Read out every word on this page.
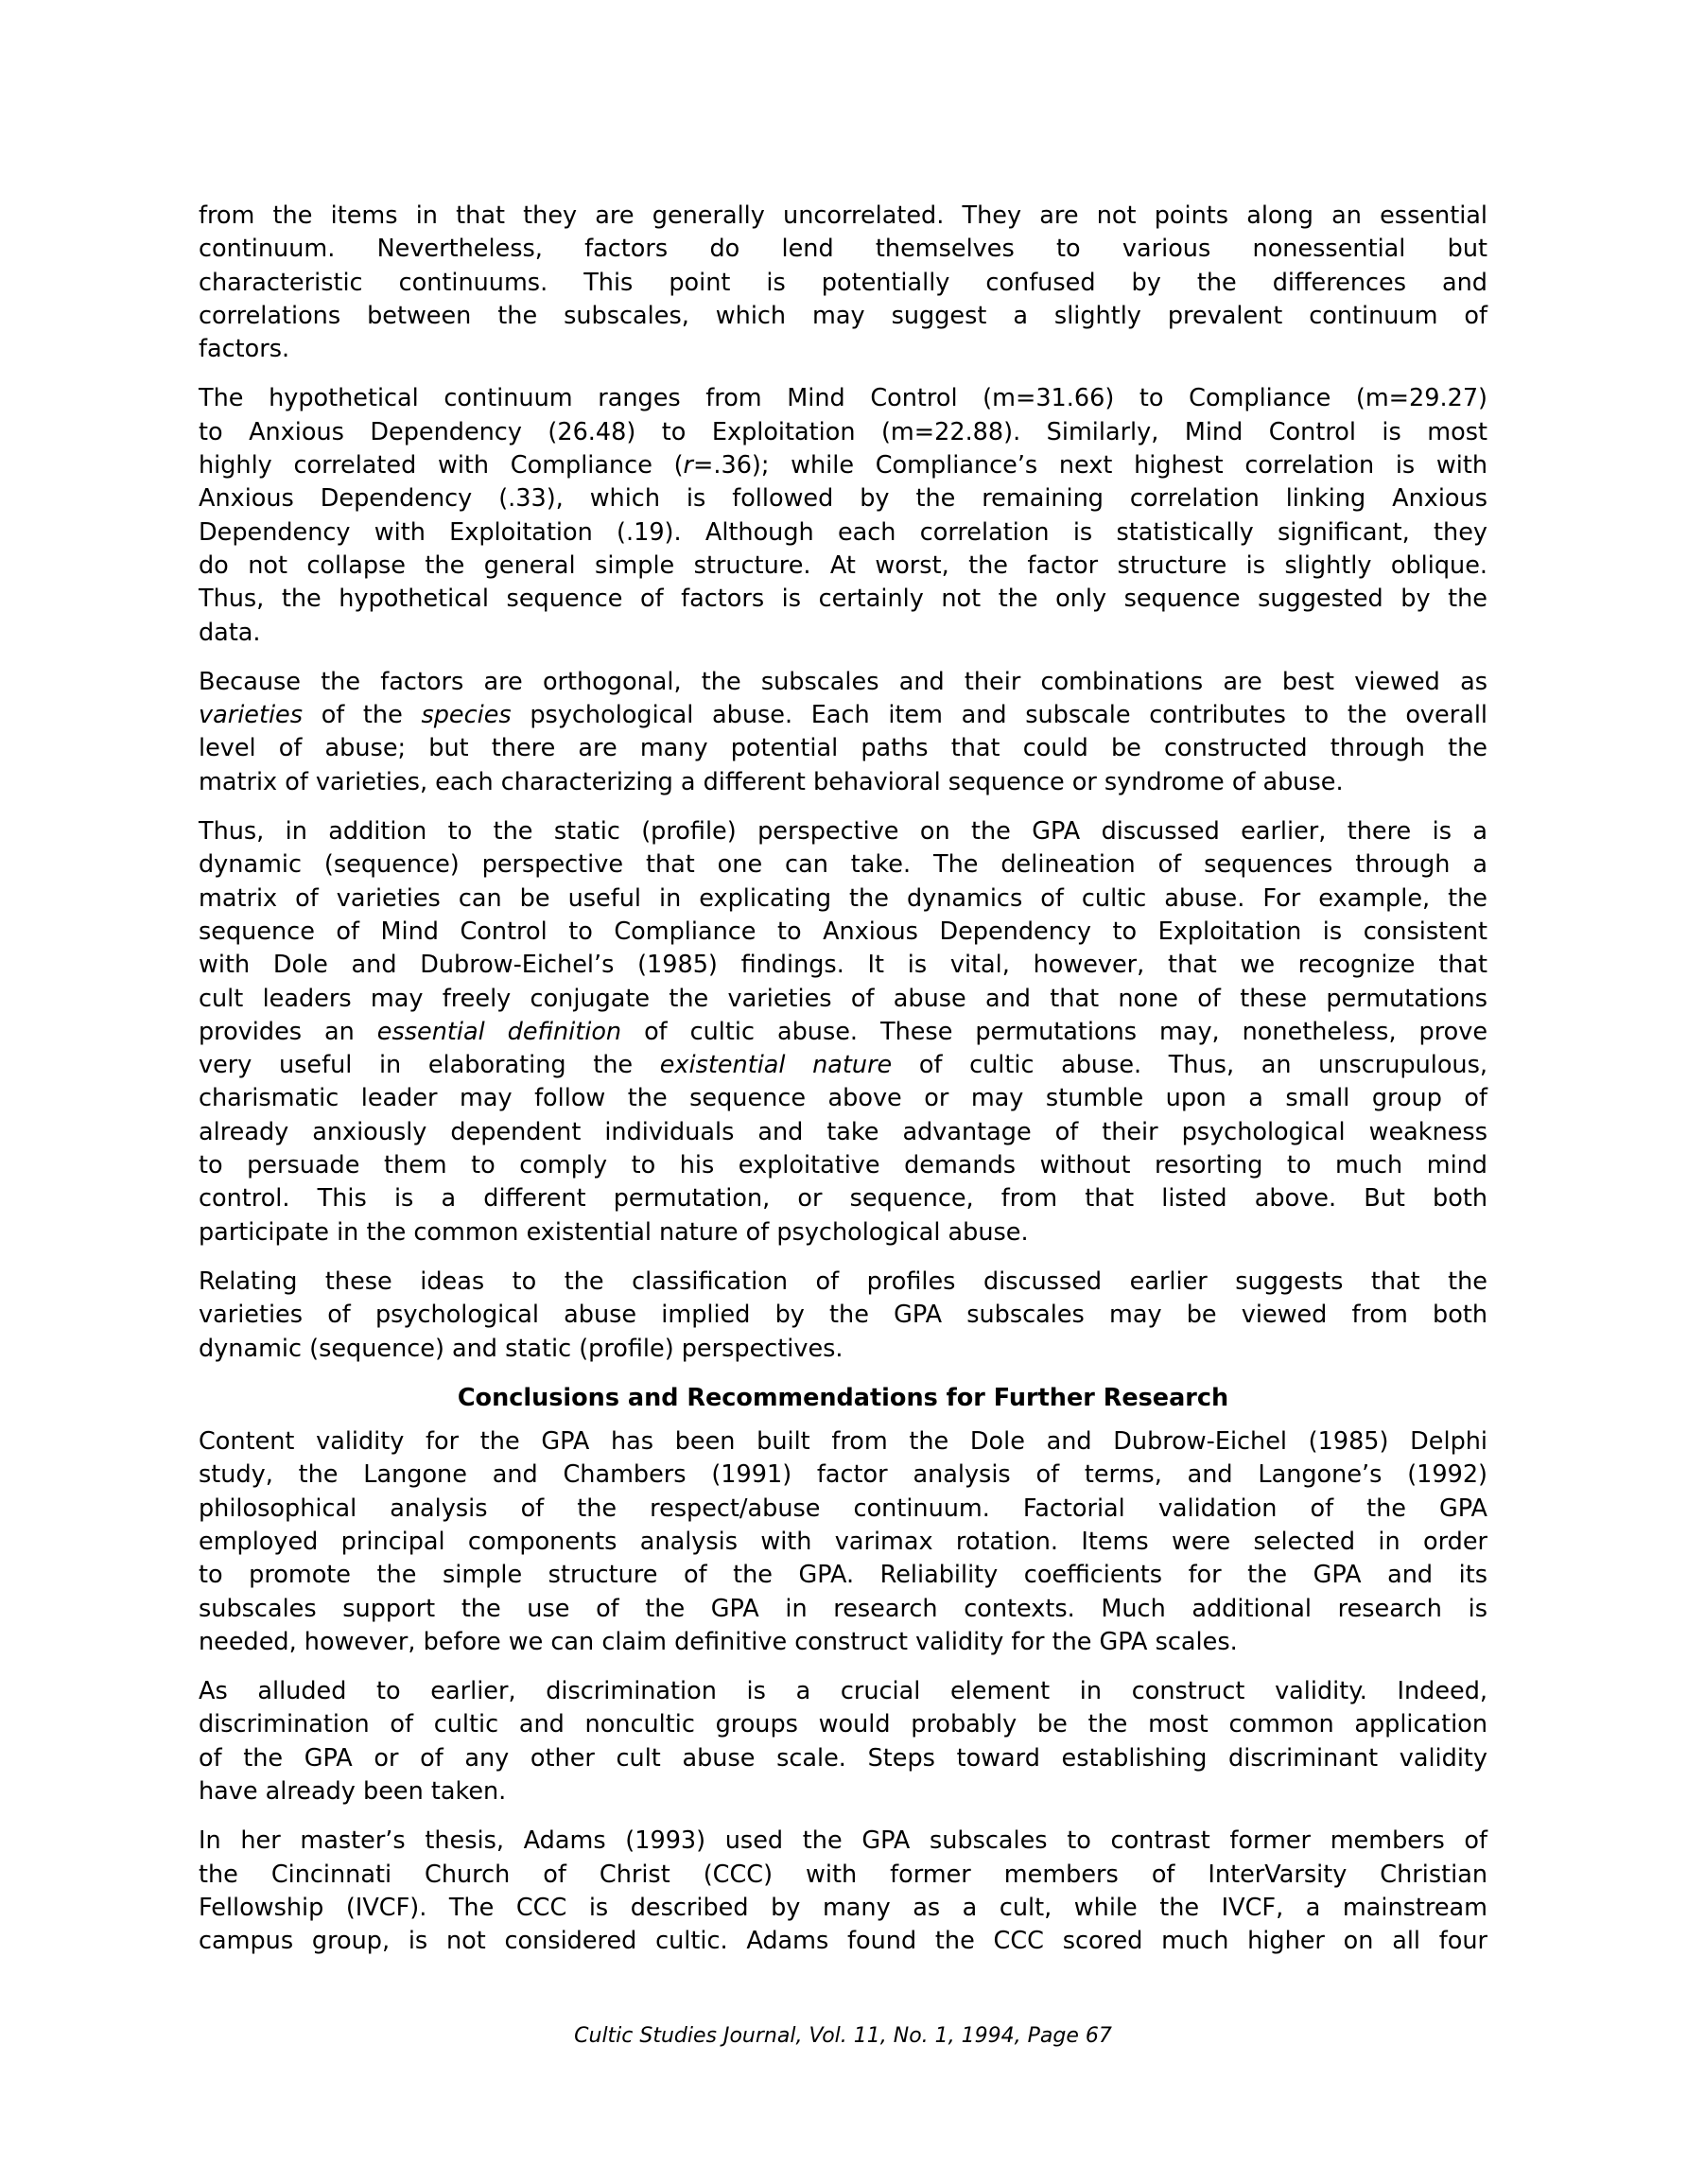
from the items in that they are generally uncorrelated. They are not points along an essential
continuum. Nevertheless, factors do lend themselves to various nonessential but
characteristic continuums. This point is potentially confused by the differences and
correlations between the subscales, which may suggest a slightly prevalent continuum of
factors.
The hypothetical continuum ranges from Mind Control (m=31.66) to Compliance (m=29.27)
to Anxious Dependency (26.48) to Exploitation (m=22.88). Similarly, Mind Control is most
highly correlated with Compliance (r=.36); while Compliance’s next highest correlation is with
Anxious Dependency (.33), which is followed by the remaining correlation linking Anxious
Dependency with Exploitation (.19). Although each correlation is statistically significant, they
do not collapse the general simple structure. At worst, the factor structure is slightly oblique.
Thus, the hypothetical sequence of factors is certainly not the only sequence suggested by the
data.
Because the factors are orthogonal, the subscales and their combinations are best viewed as
varieties of the species psychological abuse. Each item and subscale contributes to the overall
level of abuse; but there are many potential paths that could be constructed through the
matrix of varieties, each characterizing a different behavioral sequence or syndrome of abuse.
Thus, in addition to the static (profile) perspective on the GPA discussed earlier, there is a
dynamic (sequence) perspective that one can take. The delineation of sequences through a
matrix of varieties can be useful in explicating the dynamics of cultic abuse. For example, the
sequence of Mind Control to Compliance to Anxious Dependency to Exploitation is consistent
with Dole and Dubrow-Eichel’s (1985) findings. It is vital, however, that we recognize that
cult leaders may freely conjugate the varieties of abuse and that none of these permutations
provides an essential definition of cultic abuse. These permutations may, nonetheless, prove
very useful in elaborating the existential nature of cultic abuse. Thus, an unscrupulous,
charismatic leader may follow the sequence above or may stumble upon a small group of
already anxiously dependent individuals and take advantage of their psychological weakness
to persuade them to comply to his exploitative demands without resorting to much mind
control. This is a different permutation, or sequence, from that listed above. But both
participate in the common existential nature of psychological abuse.
Relating these ideas to the classification of profiles discussed earlier suggests that the
varieties of psychological abuse implied by the GPA subscales may be viewed from both
dynamic (sequence) and static (profile) perspectives.
Conclusions and Recommendations for Further Research
Content validity for the GPA has been built from the Dole and Dubrow-Eichel (1985) Delphi
study, the Langone and Chambers (1991) factor analysis of terms, and Langone’s (1992)
philosophical analysis of the respect/abuse continuum. Factorial validation of the GPA
employed principal components analysis with varimax rotation. Items were selected in order
to promote the simple structure of the GPA. Reliability coefficients for the GPA and its
subscales support the use of the GPA in research contexts. Much additional research is
needed, however, before we can claim definitive construct validity for the GPA scales.
As alluded to earlier, discrimination is a crucial element in construct validity. Indeed,
discrimination of cultic and noncultic groups would probably be the most common application
of the GPA or of any other cult abuse scale. Steps toward establishing discriminant validity
have already been taken.
In her master’s thesis, Adams (1993) used the GPA subscales to contrast former members of
the Cincinnati Church of Christ (CCC) with former members of InterVarsity Christian
Fellowship (IVCF). The CCC is described by many as a cult, while the IVCF, a mainstream
campus group, is not considered cultic. Adams found the CCC scored much higher on all four
Cultic Studies Journal, Vol. 11, No. 1, 1994, Page 67
